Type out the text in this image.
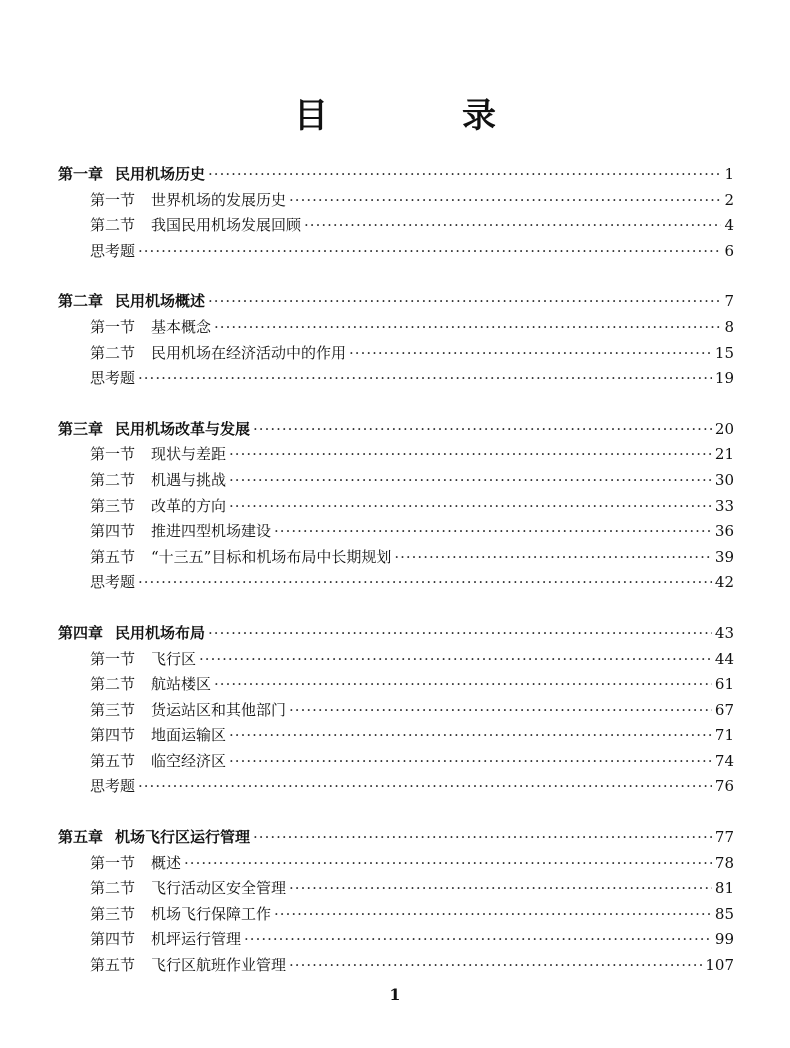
目　录
第一章 民用机场历史 ·····	1
第一节 世界机场的发展历史 ·····	2
第二节 我国民用机场发展回顾 ·····	4
思考题 ·····	6
第二章 民用机场概述 ·····	7
第一节 基本概念 ·····	8
第二节 民用机场在经济活动中的作用 ·····	15
思考题 ·····	19
第三章 民用机场改革与发展 ·····	20
第一节 现状与差距 ·····	21
第二节 机遇与挑战 ·····	30
第三节 改革的方向 ·····	33
第四节 推进四型机场建设 ·····	36
第五节 “十三五”目标和机场布局中长期规划 ·····	39
思考题 ·····	42
第四章 民用机场布局 ·····	43
第一节 飞行区 ·····	44
第二节 航站楼区 ·····	61
第三节 货运站区和其他部门 ·····	67
第四节 地面运输区 ·····	71
第五节 临空经济区 ·····	74
思考题 ·····	76
第五章 机场飞行区运行管理 ·····	77
第一节 概述 ·····	78
第二节 飞行活动区安全管理 ·····	81
第三节 机场飞行保障工作 ·····	85
第四节 机坪运行管理 ·····	99
第五节 飞行区航班作业管理 ·····	107
1
